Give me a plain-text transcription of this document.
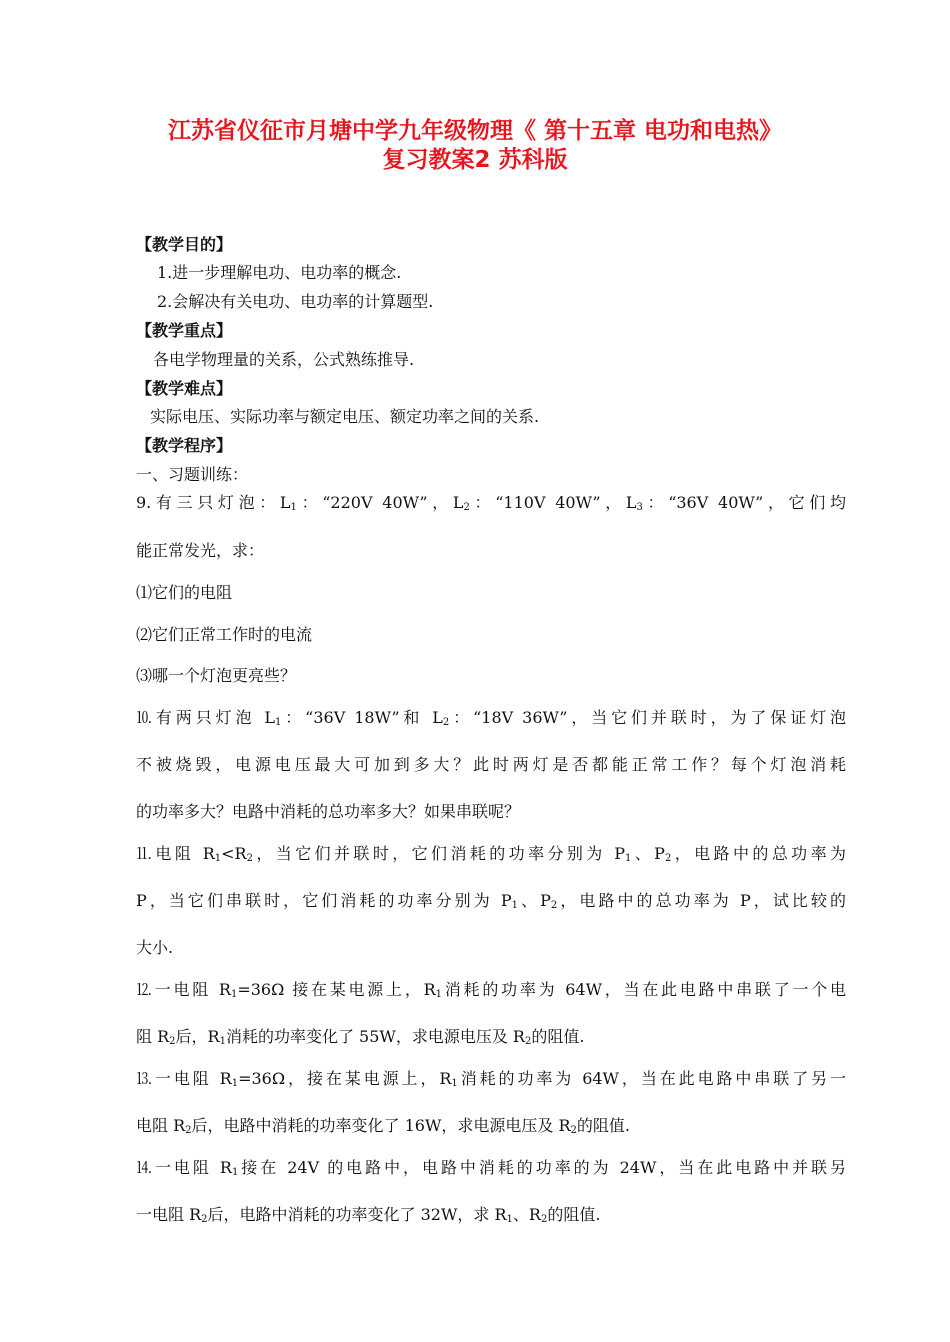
江苏省仪征市月塘中学九年级物理《 第十五章 电功和电热》
复习教案2 苏科版
【教学目的】
1.进一步理解电功、电功率的概念.
2.会解决有关电功、电功率的计算题型.
【教学重点】
各电学物理量的关系，公式熟练推导.
【教学难点】
实际电压、实际功率与额定电压、额定功率之间的关系.
【教学程序】
一、习题训练：
9.有三只灯泡：$L_1$：“220V 40W”，$L_2$：“110V 40W”，$L_3$：“36V 40W”，它们均
能正常发光，求：
⑴它们的电阻
⑵它们正常工作时的电流
⑶哪一个灯泡更亮些？
⒑有两只灯泡 $L_1$：“36V 18W”和 $L_2$：“18V 36W”，当它们并联时，为了保证灯泡
不被烧毁，电源电压最大可加到多大？此时两灯是否都能正常工作？每个灯泡消耗
的功率多大？电路中消耗的总功率多大？如果串联呢？
⒒电阻 $R_1<R_2$，当它们并联时，它们消耗的功率分别为 $P_1$、$P_2$，电路中的总功率为
P，当它们串联时，它们消耗的功率分别为 $P_1$、$P_2$，电路中的总功率为 P，试比较的
大小.
⒓一电阻 $R_1=36\Omega$ 接在某电源上，$R_1$消耗的功率为 64W，当在此电路中串联了一个电
阻 $R_2$后，$R_1$消耗的功率变化了 55W，求电源电压及 $R_2$的阻值.
⒔一电阻 $R_1=36\Omega$，接在某电源上，$R_1$消耗的功率为 64W，当在此电路中串联了另一
电阻 $R_2$后，电路中消耗的功率变化了 16W，求电源电压及 $R_2$的阻值.
⒕一电阻 $R_1$接在 24V 的电路中，电路中消耗的功率的为 24W，当在此电路中并联另
一电阻 $R_2$后，电路中消耗的功率变化了 32W，求 $R_1$、$R_2$的阻值.
